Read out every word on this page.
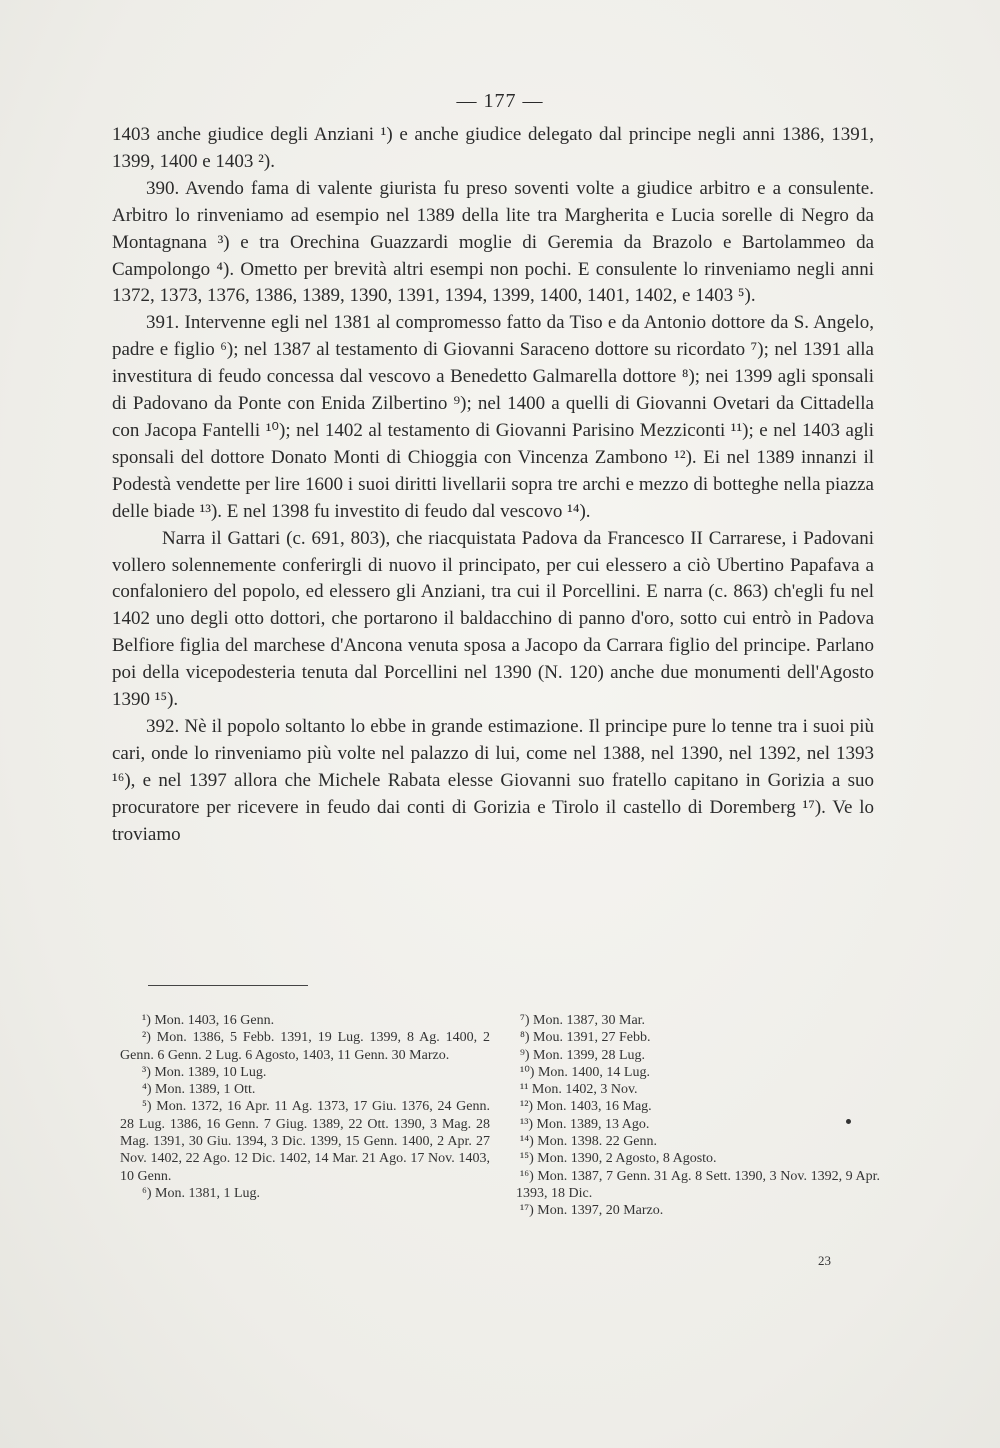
— 177 —

1403 anche giudice degli Anziani ¹) e anche giudice delegato dal principe negli anni 1386, 1391, 1399, 1400 e 1403 ²).

390. Avendo fama di valente giurista fu preso soventi volte a giudice arbitro e a consulente. Arbitro lo rinveniamo ad esempio nel 1389 della lite tra Margherita e Lucia sorelle di Negro da Montagnana ³) e tra Orechina Guazzardi moglie di Geremia da Brazolo e Bartolammeo da Campolongo ⁴). Ometto per brevità altri esempi non pochi. E consulente lo rinveniamo negli anni 1372, 1373, 1376, 1386, 1389, 1390, 1391, 1394, 1399, 1400, 1401, 1402, e 1403 ⁵).

391. Intervenne egli nel 1381 al compromesso fatto da Tiso e da Antonio dottore da S. Angelo, padre e figlio ⁶); nel 1387 al testamento di Giovanni Saraceno dottore su ricordato ⁷); nel 1391 alla investitura di feudo concessa dal vescovo a Benedetto Galmarella dottore ⁸); nei 1399 agli sponsali di Padovano da Ponte con Enida Zilbertino ⁹); nel 1400 a quelli di Giovanni Ovetari da Cittadella con Jacopa Fantelli ¹⁰); nel 1402 al testamento di Giovanni Parisino Mezziconti ¹¹); e nel 1403 agli sponsali del dottore Donato Monti di Chioggia con Vincenza Zambono ¹²). Ei nel 1389 innanzi il Podestà vendette per lire 1600 i suoi diritti livellarii sopra tre archi e mezzo di botteghe nella piazza delle biade ¹³). E nel 1398 fu investito di feudo dal vescovo ¹⁴).

Narra il Gattari (c. 691, 803), che riacquistata Padova da Francesco II Carrarese, i Padovani vollero solennemente conferirgli di nuovo il principato, per cui elessero a ciò Ubertino Papafava a confaloniero del popolo, ed elessero gli Anziani, tra cui il Porcellini. E narra (c. 863) ch'egli fu nel 1402 uno degli otto dottori, che portarono il baldacchino di panno d'oro, sotto cui entrò in Padova Belfiore figlia del marchese d'Ancona venuta sposa a Jacopo da Carrara figlio del principe. Parlano poi della vicepodesteria tenuta dal Porcellini nel 1390 (N. 120) anche due monumenti dell'Agosto 1390 ¹⁵).

392. Nè il popolo soltanto lo ebbe in grande estimazione. Il principe pure lo tenne tra i suoi più cari, onde lo rinveniamo più volte nel palazzo di lui, come nel 1388, nel 1390, nel 1392, nel 1393 ¹⁶), e nel 1397 allora che Michele Rabata elesse Giovanni suo fratello capitano in Gorizia a suo procuratore per ricevere in feudo dai conti di Gorizia e Tirolo il castello di Doremberg ¹⁷). Ve lo troviamo

¹) Mon. 1403, 16 Genn.

²) Mon. 1386, 5 Febb. 1391, 19 Lug. 1399, 8 Ag. 1400, 2 Genn. 6 Genn. 2 Lug. 6 Agosto, 1403, 11 Genn. 30 Marzo.

³) Mon. 1389, 10 Lug.

⁴) Mon. 1389, 1 Ott.

⁵) Mon. 1372, 16 Apr. 11 Ag. 1373, 17 Giu. 1376, 24 Genn. 28 Lug. 1386, 16 Genn. 7 Giug. 1389, 22 Ott. 1390, 3 Mag. 28 Mag. 1391, 30 Giu. 1394, 3 Dic. 1399, 15 Genn. 1400, 2 Apr. 27 Nov. 1402, 22 Ago. 12 Dic. 1402, 14 Mar. 21 Ago. 17 Nov. 1403, 10 Genn.

⁶) Mon. 1381, 1 Lug.

⁷) Mon. 1387, 30 Mar.

⁸) Mou. 1391, 27 Febb.

⁹) Mon. 1399, 28 Lug.

¹⁰) Mon. 1400, 14 Lug.

¹¹ Mon. 1402, 3 Nov.

¹²) Mon. 1403, 16 Mag.

¹³) Mon. 1389, 13 Ago.

¹⁴) Mon. 1398. 22 Genn.

¹⁵) Mon. 1390, 2 Agosto, 8 Agosto.

¹⁶) Mon. 1387, 7 Genn. 31 Ag. 8 Sett. 1390, 3 Nov. 1392, 9 Apr. 1393, 18 Dic.

¹⁷) Mon. 1397, 20 Marzo.

23
